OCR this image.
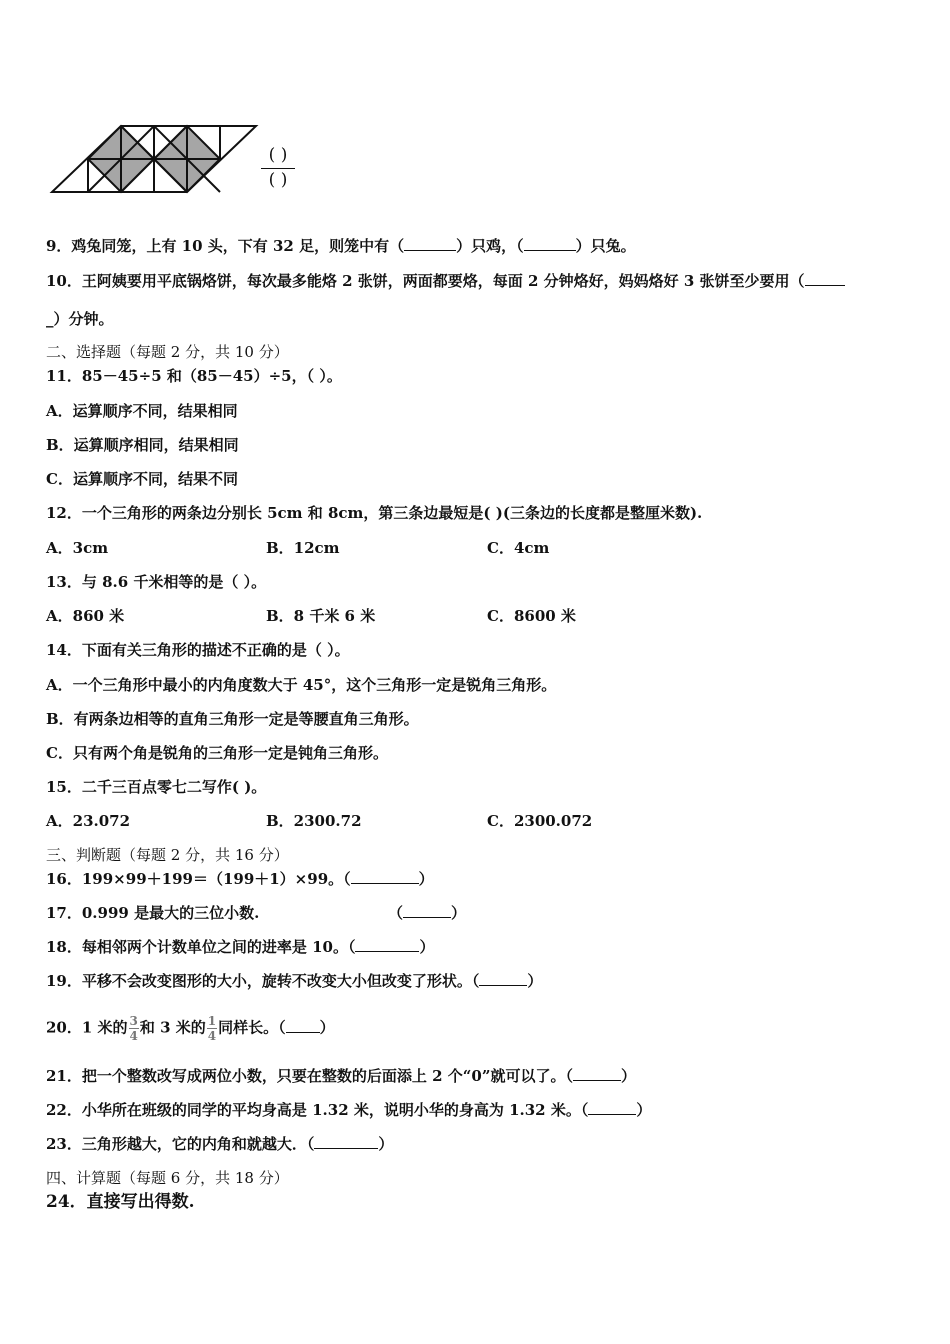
( )
( )
9．鸡兔同笼，上有 10 头，下有 32 足，则笼中有（	）只鸡，（	）只兔。
10．王阿姨要用平底锅烙饼，每次最多能烙 2 张饼，两面都要烙，每面 2 分钟烙好，妈妈烙好 3 张饼至少要用（
_）分钟。
二、选择题（每题 2 分，共 10 分）
11．85－45÷5 和（85－45）÷5，（ ）。
A．运算顺序不同，结果相同
B．运算顺序相同，结果相同
C．运算顺序不同，结果不同
12．一个三角形的两条边分别长 5cm 和 8cm，第三条边最短是( )(三条边的长度都是整厘米数).
A．3cm	B．12cm	C．4cm
13．与 8.6 千米相等的是（ ）。
A．860 米	B．8 千米 6 米	C．8600 米
14．下面有关三角形的描述不正确的是（ ）。
A．一个三角形中最小的内角度数大于 45°，这个三角形一定是锐角三角形。
B．有两条边相等的直角三角形一定是等腰直角三角形。
C．只有两个角是锐角的三角形一定是钝角三角形。
15．二千三百点零七二写作( )。
A．23.072	B．2300.72	C．2300.072
三、判断题（每题 2 分，共 16 分）
16．199×99＋199＝（199＋1）×99。（	）
17．0.999 是最大的三位小数.	（	）
18．每相邻两个计数单位之间的进率是 10。（	）
19．平移不会改变图形的大小，旋转不改变大小但改变了形状。（	）
20．1 米的 $\frac{3}{4}$ 和 3 米的 $\frac{1}{4}$ 同样长。（ ）
21．把一个整数改写成两位小数，只要在整数的后面添上 2 个“0”就可以了。（	）
22．小华所在班级的同学的平均身高是 1.32 米，说明小华的身高为 1.32 米。（	）
23．三角形越大，它的内角和就越大．（	）
四、计算题（每题 6 分，共 18 分）
24．直接写出得数.
